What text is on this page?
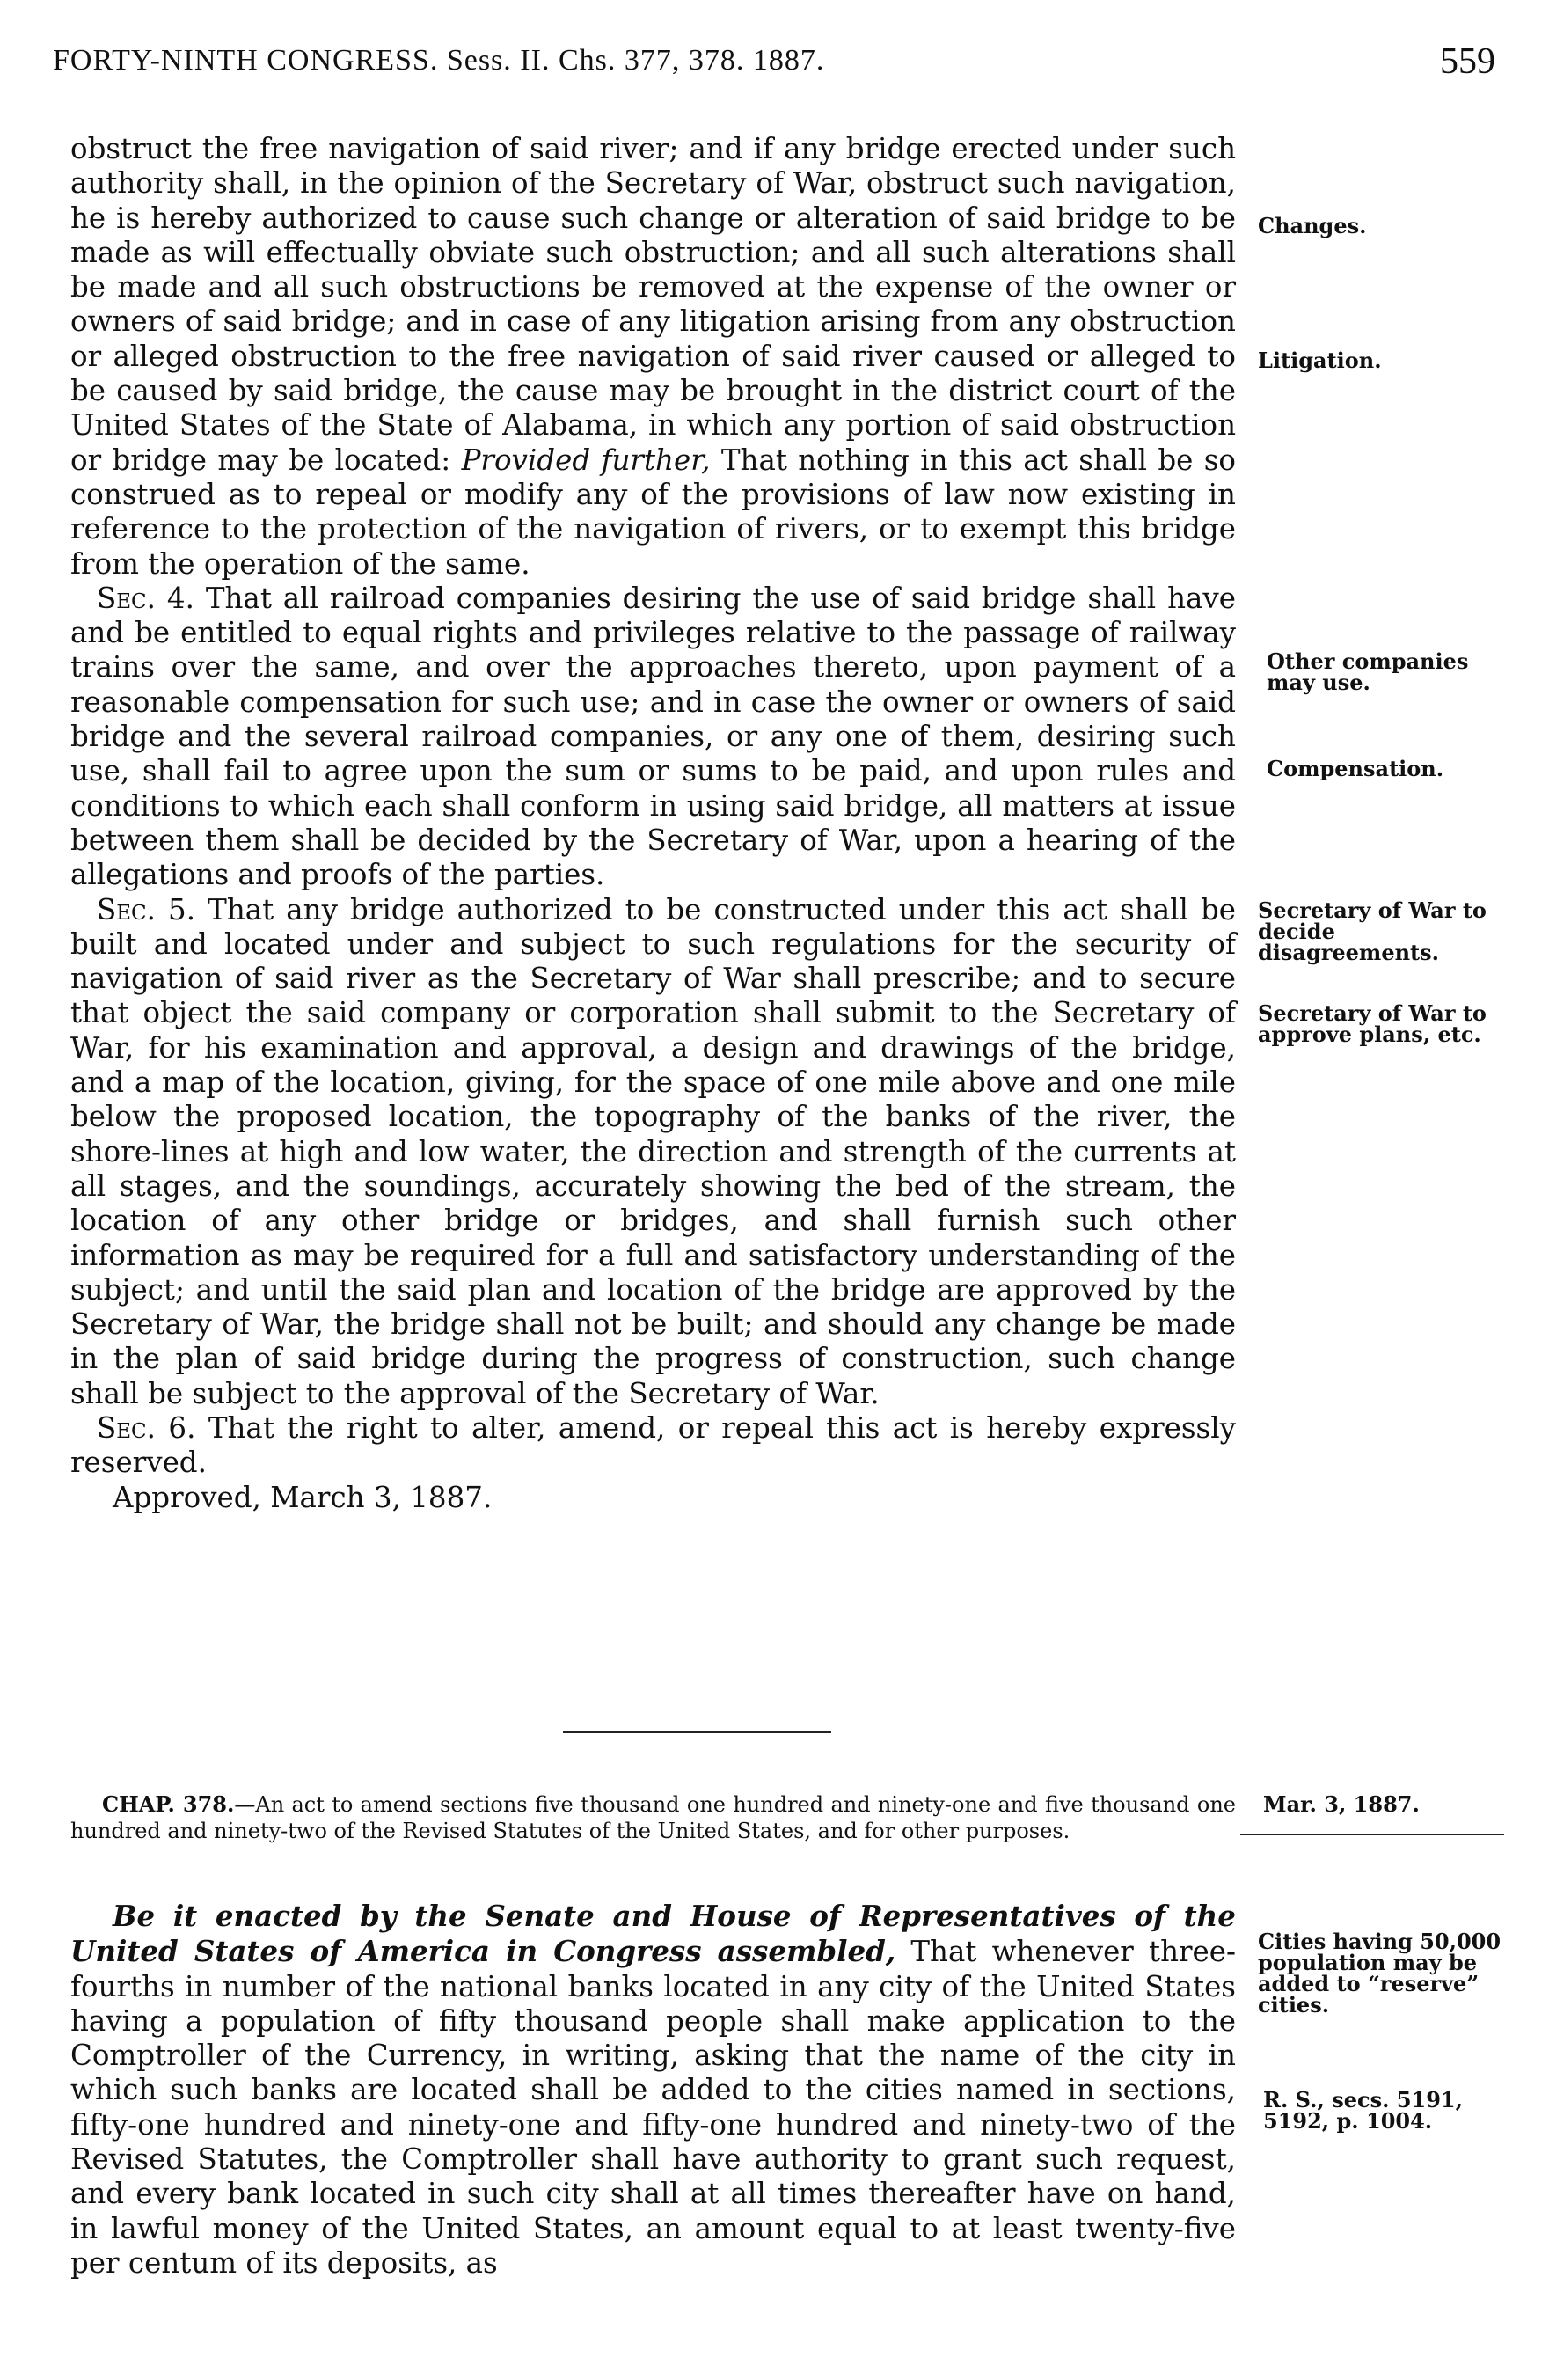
FORTY-NINTH CONGRESS. Sess. II. Chs. 377, 378. 1887.	559

obstruct the free navigation of said river; and if any bridge erected under such authority shall, in the opinion of the Secretary of War, obstruct such navigation, he is hereby authorized to cause such change or alteration of said bridge to be made as will effectually obviate such obstruction; and all such alterations shall be made and all such obstructions be removed at the expense of the owner or owners of said bridge; and in case of any litigation arising from any obstruction or alleged obstruction to the free navigation of said river caused or alleged to be caused by said bridge, the cause may be brought in the district court of the United States of the State of Alabama, in which any portion of said obstruction or bridge may be located: Provided further, That nothing in this act shall be so construed as to repeal or modify any of the provisions of law now existing in reference to the protection of the navigation of rivers, or to exempt this bridge from the operation of the same.

Sec. 4. That all railroad companies desiring the use of said bridge shall have and be entitled to equal rights and privileges relative to the passage of railway trains over the same, and over the approaches thereto, upon payment of a reasonable compensation for such use; and in case the owner or owners of said bridge and the several railroad companies, or any one of them, desiring such use, shall fail to agree upon the sum or sums to be paid, and upon rules and conditions to which each shall conform in using said bridge, all matters at issue between them shall be decided by the Secretary of War, upon a hearing of the allegations and proofs of the parties.

Sec. 5. That any bridge authorized to be constructed under this act shall be built and located under and subject to such regulations for the security of navigation of said river as the Secretary of War shall prescribe; and to secure that object the said company or corporation shall submit to the Secretary of War, for his examination and approval, a design and drawings of the bridge, and a map of the location, giving, for the space of one mile above and one mile below the proposed location, the topography of the banks of the river, the shore-lines at high and low water, the direction and strength of the currents at all stages, and the soundings, accurately showing the bed of the stream, the location of any other bridge or bridges, and shall furnish such other information as may be required for a full and satisfactory understanding of the subject; and until the said plan and location of the bridge are approved by the Secretary of War, the bridge shall not be built; and should any change be made in the plan of said bridge during the progress of construction, such change shall be subject to the approval of the Secretary of War.

Sec. 6. That the right to alter, amend, or repeal this act is hereby expressly reserved.

Approved, March 3, 1887.

CHAP. 378.—An act to amend sections five thousand one hundred and ninety-one and five thousand one hundred and ninety-two of the Revised Statutes of the United States, and for other purposes.

Be it enacted by the Senate and House of Representatives of the United States of America in Congress assembled, That whenever three-fourths in number of the national banks located in any city of the United States having a population of fifty thousand people shall make application to the Comptroller of the Currency, in writing, asking that the name of the city in which such banks are located shall be added to the cities named in sections, fifty-one hundred and ninety-one and fifty-one hundred and ninety-two of the Revised Statutes, the Comptroller shall have authority to grant such request, and every bank located in such city shall at all times thereafter have on hand, in lawful money of the United States, an amount equal to at least twenty-five per centum of its deposits, as

Changes.
Litigation.
Other companies may use.
Compensation.
Secretary of War to decide disagreements.
Secretary of War to approve plans, etc.
Cities having 50,000 population may be added to “reserve” cities.
R. S., secs. 5191, 5192, p. 1004.
Mar. 3, 1887.
